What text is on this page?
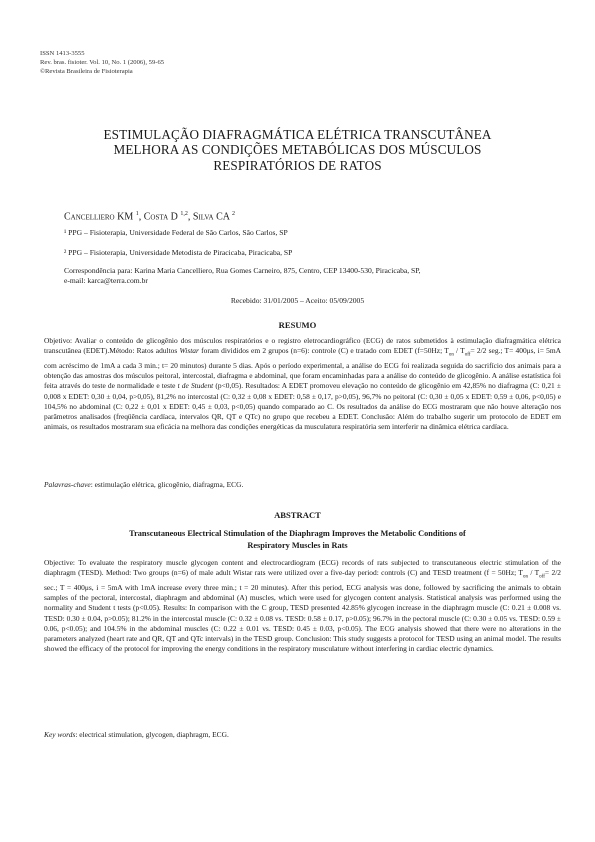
ISSN 1413-3555
Rev. bras. fisioter. Vol. 10, No. 1 (2006), 59-65
©Revista Brasileira de Fisioterapia
ESTIMULAÇÃO DIAFRAGMÁTICA ELÉTRICA TRANSCUTÂNEA
MELHORA AS CONDIÇÕES METABÓLICAS DOS MÚSCULOS
RESPIRATÓRIOS DE RATOS
Cancelliero KM $^1$, Costa D $^{1,2}$, Silva CA $^2$
¹ PPG – Fisioterapia, Universidade Federal de São Carlos, São Carlos, SP
² PPG – Fisioterapia, Universidade Metodista de Piracicaba, Piracicaba, SP
Correspondência para: Karina Maria Cancelliero, Rua Gomes Carneiro, 875, Centro, CEP 13400-530, Piracicaba, SP,
e-mail: karca@terra.com.br
Recebido: 31/01/2005 – Aceito: 05/09/2005
RESUMO
Objetivo: Avaliar o conteúdo de glicogênio dos músculos respiratórios e o registro eletrocardiográfico (ECG) de ratos submetidos à estimulação diafragmática elétrica transcutânea (EDET).Método: Ratos adultos Wistar foram divididos em 2 grupos (n=6): controle (C) e tratado com EDET (f=50Hz; $T_{on} / T_{off}= 2/2$ seg.; T= 400μs, i= 5mA com acréscimo de 1mA a cada 3 min.; t= 20 minutos) durante 5 dias. Após o período experimental, a análise do ECG foi realizada seguida do sacrifício dos animais para a obtenção das amostras dos músculos peitoral, intercostal, diafragma e abdominal, que foram encaminhadas para a análise do conteúdo de glicogênio. A análise estatística foi feita através do teste de normalidade e teste t de Student (p<0,05). Resultados: A EDET promoveu elevação no conteúdo de glicogênio em 42,85% no diafragma (C: 0,21 ± 0,008 x EDET: 0,30 ± 0,04, p>0,05), 81,2% no intercostal (C: 0,32 ± 0,08 x EDET: 0,58 ± 0,17, p>0,05), 96,7% no peitoral (C: 0,30 ± 0,05 x EDET: 0,59 ± 0,06, p<0,05) e 104,5% no abdominal (C: 0,22 ± 0,01 x EDET: 0,45 ± 0,03, p<0,05) quando comparado ao C. Os resultados da análise do ECG mostraram que não houve alteração nos parâmetros analisados (freqüência cardíaca, intervalos QR, QT e QTc) no grupo que recebeu a EDET. Conclusão: Além do trabalho sugerir um protocolo de EDET em animais, os resultados mostraram sua eficácia na melhora das condições energéticas da musculatura respiratória sem interferir na dinâmica elétrica cardíaca.
Palavras-chave: estimulação elétrica, glicogênio, diafragma, ECG.
ABSTRACT
Transcutaneous Electrical Stimulation of the Diaphragm Improves the Metabolic Conditions of
Respiratory Muscles in Rats
Objective: To evaluate the respiratory muscle glycogen content and electrocardiogram (ECG) records of rats subjected to transcutaneous electric stimulation of the diaphragm (TESD). Method: Two groups (n=6) of male adult Wistar rats were utilized over a five-day period: controls (C) and TESD treatment (f = 50Hz; $T_{on} / T_{off}= 2/2$ sec.; T = 400μs, i = 5mA with 1mA increase every three min.; t = 20 minutes). After this period, ECG analysis was done, followed by sacrificing the animals to obtain samples of the pectoral, intercostal, diaphragm and abdominal (A) muscles, which were used for glycogen content analysis. Statistical analysis was performed using the normality and Student t tests (p<0.05). Results: In comparison with the C group, TESD presented 42.85% glycogen increase in the diaphragm muscle (C: 0.21 ± 0.008 vs. TESD: 0.30 ± 0.04, p>0.05); 81.2% in the intercostal muscle (C: 0.32 ± 0.08 vs. TESD: 0.58 ± 0.17, p>0.05); 96.7% in the pectoral muscle (C: 0.30 ± 0.05 vs. TESD: 0.59 ± 0.06, p<0.05); and 104.5% in the abdominal muscles (C: 0.22 ± 0.01 vs. TESD: 0.45 ± 0.03, p<0.05). The ECG analysis showed that there were no alterations in the parameters analyzed (heart rate and QR, QT and QTc intervals) in the TESD group. Conclusion: This study suggests a protocol for TESD using an animal model. The results showed the efficacy of the protocol for improving the energy conditions in the respiratory musculature without interfering in cardiac electric dynamics.
Key words: electrical stimulation, glycogen, diaphragm, ECG.
